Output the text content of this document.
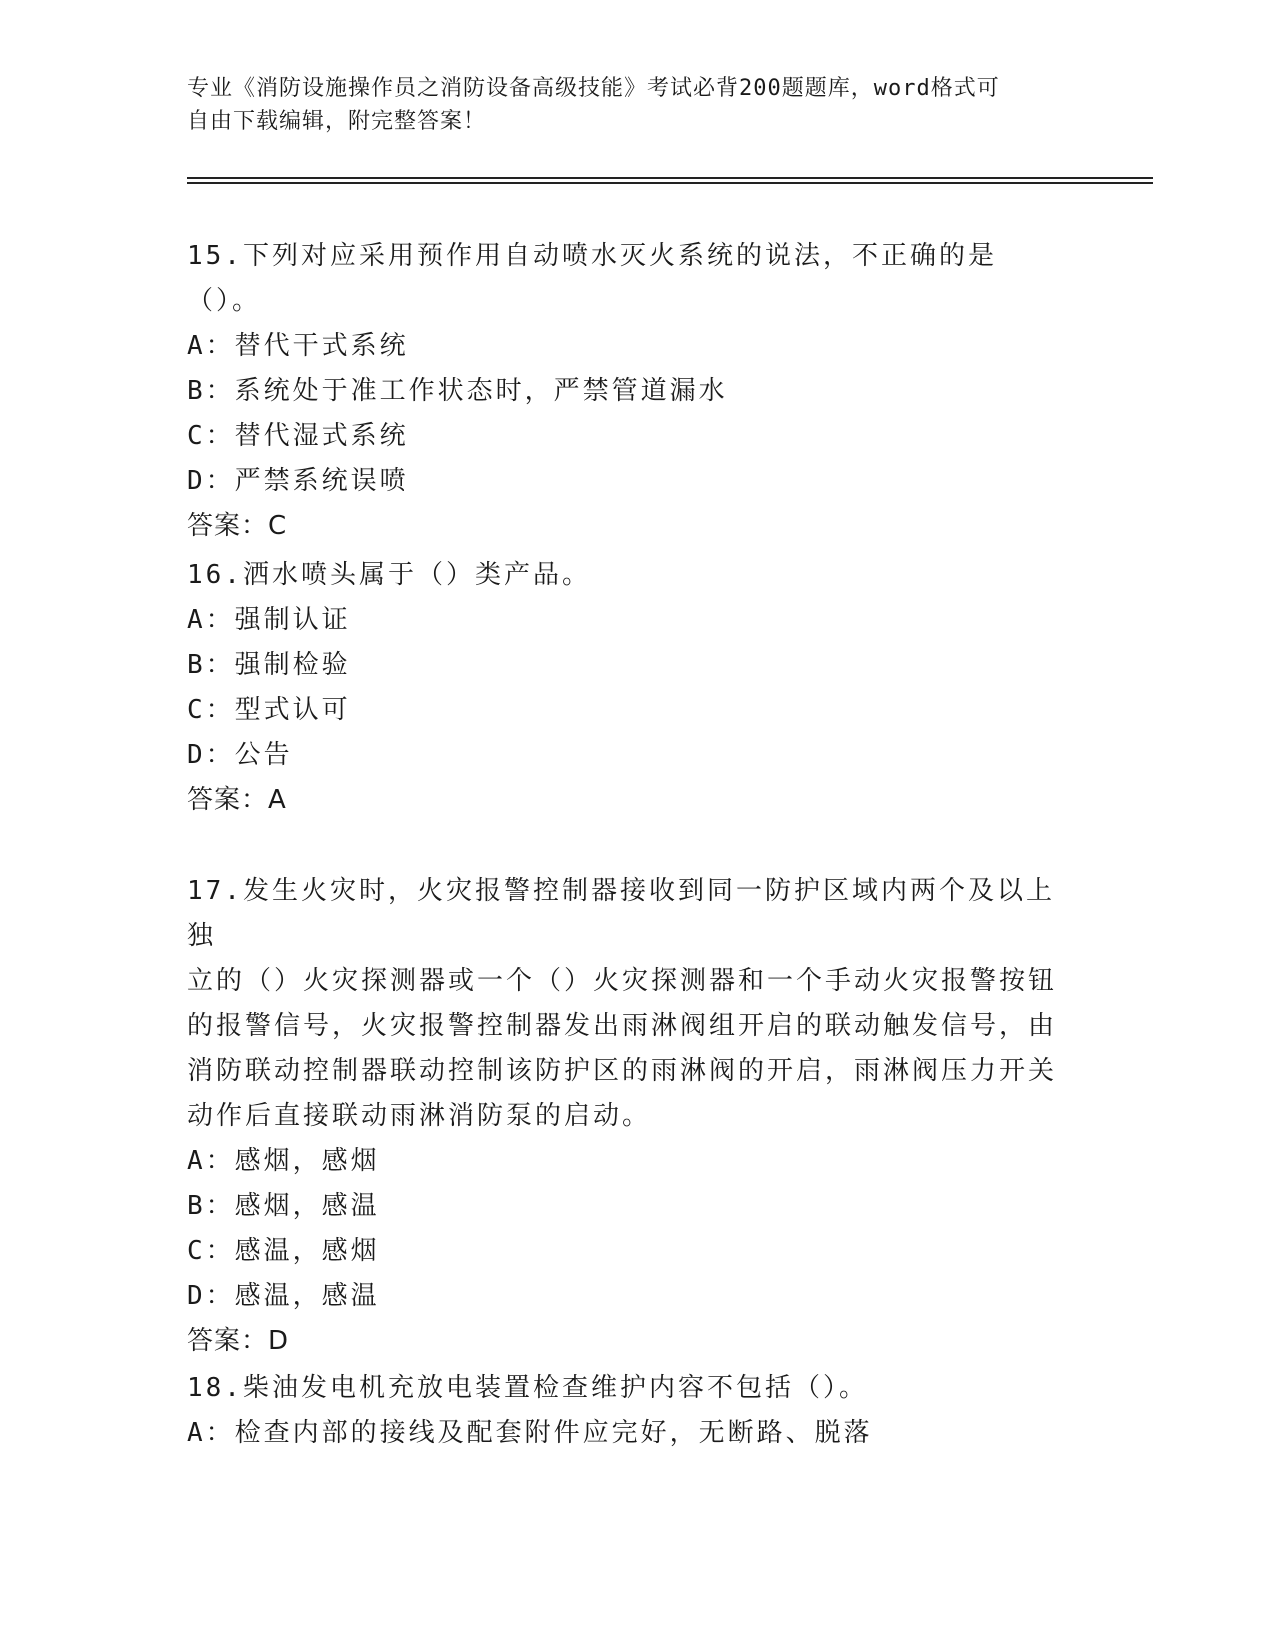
专业《消防设施操作员之消防设备高级技能》考试必背200题题库，word格式可
自由下载编辑，附完整答案！
15.下列对应采用预作用自动喷水灭火系统的说法，不正确的是（）。
A：替代干式系统
B：系统处于准工作状态时，严禁管道漏水
C：替代湿式系统
D：严禁系统误喷
答案：C
16.洒水喷头属于（）类产品。
A：强制认证
B：强制检验
C：型式认可
D：公告
答案：A
17.发生火灾时，火灾报警控制器接收到同一防护区域内两个及以上独
立的（）火灾探测器或一个（）火灾探测器和一个手动火灾报警按钮
的报警信号，火灾报警控制器发出雨淋阀组开启的联动触发信号，由
消防联动控制器联动控制该防护区的雨淋阀的开启，雨淋阀压力开关
动作后直接联动雨淋消防泵的启动。
A：感烟，感烟
B：感烟，感温
C：感温，感烟
D：感温，感温
答案：D
18.柴油发电机充放电装置检查维护内容不包括（）。
A：检查内部的接线及配套附件应完好，无断路、脱落
